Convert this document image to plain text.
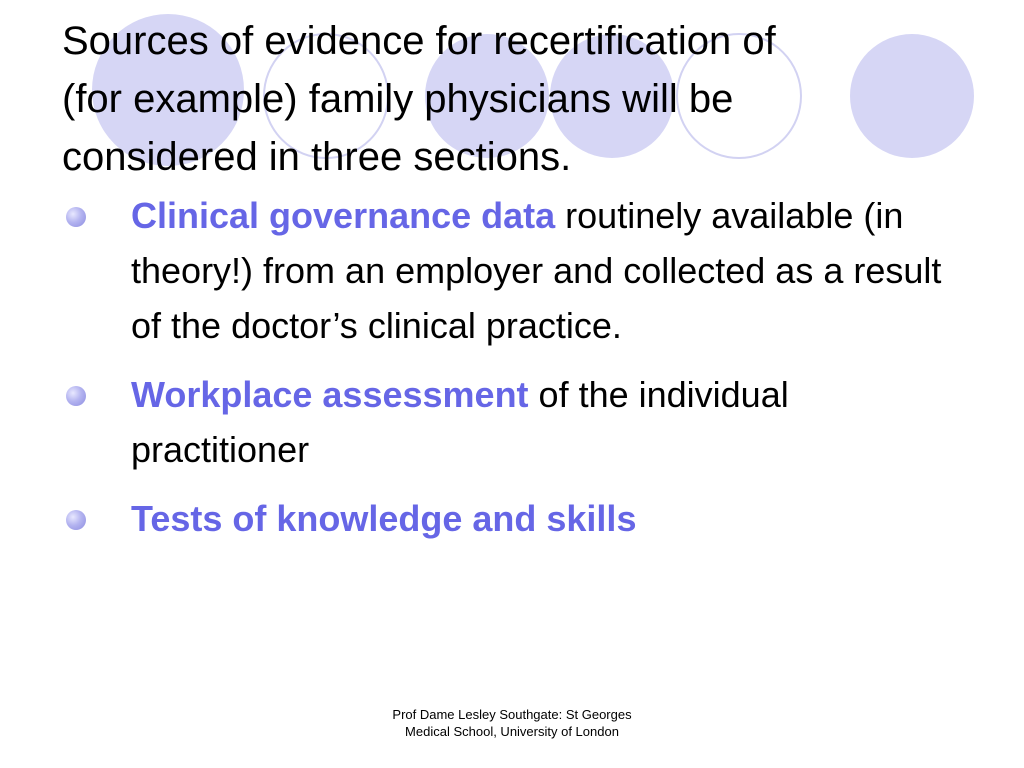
Sources of evidence for recertification of
(for example) family physicians will be
considered in three sections.
Clinical governance data routinely available (in theory!) from an employer and collected as a result of the doctor’s clinical practice.
Workplace assessment of the individual practitioner
Tests of knowledge and skills
Prof Dame Lesley Southgate: St Georges
Medical School, University of London
